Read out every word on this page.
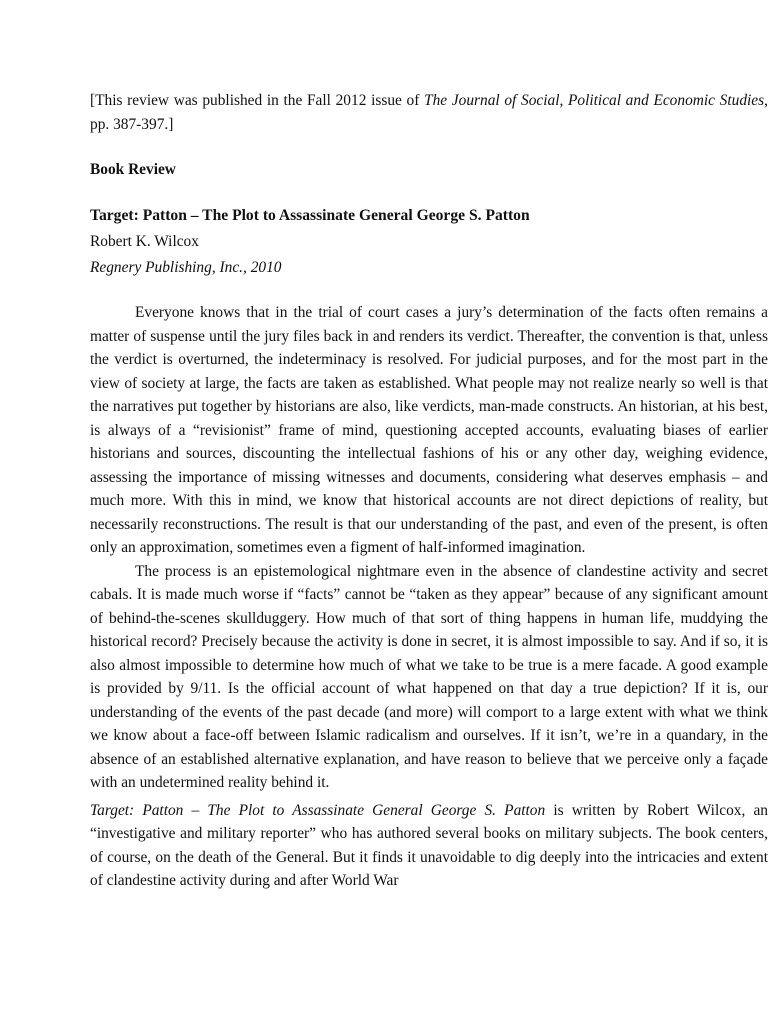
[This review was published in the Fall 2012 issue of The Journal of Social, Political and Economic Studies, pp. 387-397.]

Book Review

Target: Patton – The Plot to Assassinate General George S. Patton

Robert K. Wilcox

Regnery Publishing, Inc., 2010

Everyone knows that in the trial of court cases a jury’s determination of the facts often remains a matter of suspense until the jury files back in and renders its verdict. Thereafter, the convention is that, unless the verdict is overturned, the indeterminacy is resolved. For judicial purposes, and for the most part in the view of society at large, the facts are taken as established. What people may not realize nearly so well is that the narratives put together by historians are also, like verdicts, man-made constructs. An historian, at his best, is always of a “revisionist” frame of mind, questioning accepted accounts, evaluating biases of earlier historians and sources, discounting the intellectual fashions of his or any other day, weighing evidence, assessing the importance of missing witnesses and documents, considering what deserves emphasis – and much more. With this in mind, we know that historical accounts are not direct depictions of reality, but necessarily reconstructions. The result is that our understanding of the past, and even of the present, is often only an approximation, sometimes even a figment of half-informed imagination.

The process is an epistemological nightmare even in the absence of clandestine activity and secret cabals. It is made much worse if “facts” cannot be “taken as they appear” because of any significant amount of behind-the-scenes skullduggery. How much of that sort of thing happens in human life, muddying the historical record? Precisely because the activity is done in secret, it is almost impossible to say. And if so, it is also almost impossible to determine how much of what we take to be true is a mere facade. A good example is provided by 9/11. Is the official account of what happened on that day a true depiction? If it is, our understanding of the events of the past decade (and more) will comport to a large extent with what we think we know about a face-off between Islamic radicalism and ourselves. If it isn’t, we’re in a quandary, in the absence of an established alternative explanation, and have reason to believe that we perceive only a façade with an undetermined reality behind it.

Target: Patton – The Plot to Assassinate General George S. Patton is written by Robert Wilcox, an “investigative and military reporter” who has authored several books on military subjects. The book centers, of course, on the death of the General. But it finds it unavoidable to dig deeply into the intricacies and extent of clandestine activity during and after World War
